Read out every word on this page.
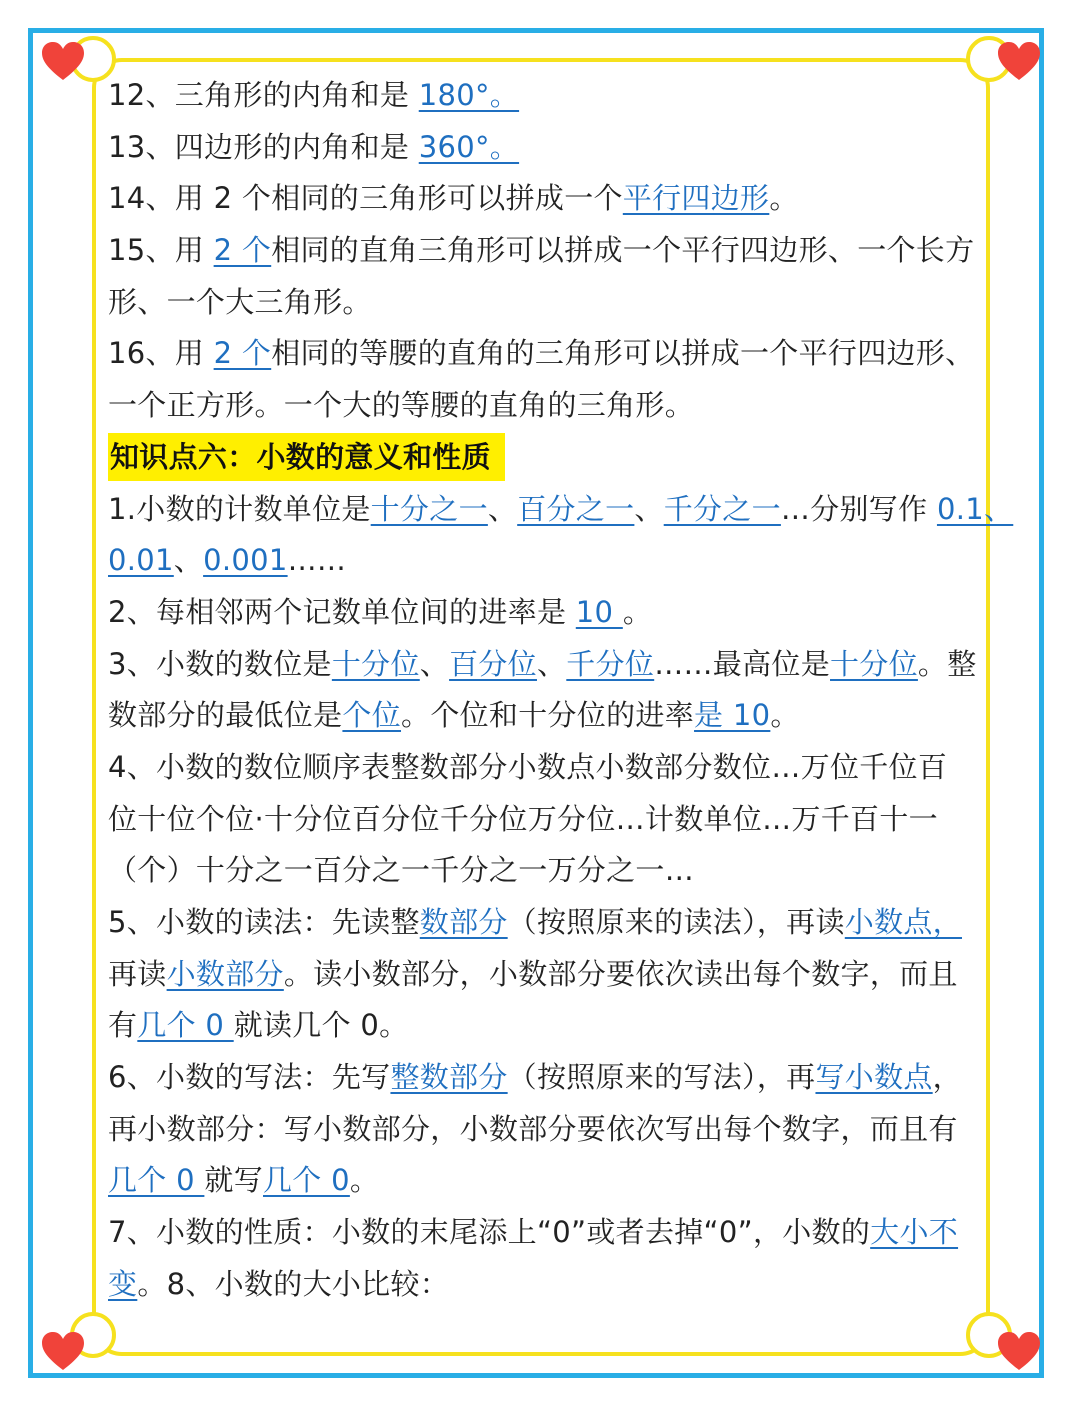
12、三角形的内角和是 180°。
13、四边形的内角和是 360°。
14、用 2 个相同的三角形可以拼成一个平行四边形。
15、用 2 个相同的直角三角形可以拼成一个平行四边形、一个长方
形、一个大三角形。
16、用 2 个相同的等腰的直角的三角形可以拼成一个平行四边形、
一个正方形。一个大的等腰的直角的三角形。
知识点六：小数的意义和性质
1.小数的计数单位是十分之一、百分之一、千分之一…分别写作 0.1、
0.01、0.001……
2、每相邻两个记数单位间的进率是 10 。
3、小数的数位是十分位、百分位、千分位……最高位是十分位。整
数部分的最低位是个位。个位和十分位的进率是 10。
4、小数的数位顺序表整数部分小数点小数部分数位…万位千位百
位十位个位·十分位百分位千分位万分位…计数单位…万千百十一
（个）十分之一百分之一千分之一万分之一…
5、小数的读法：先读整数部分（按照原来的读法），再读小数点，
再读小数部分。读小数部分，小数部分要依次读出每个数字，而且
有几个 0 就读几个 0。
6、小数的写法：先写整数部分（按照原来的写法），再写小数点，
再小数部分：写小数部分，小数部分要依次写出每个数字，而且有
几个 0 就写几个 0。
7、小数的性质：小数的末尾添上“0”或者去掉“0”，小数的大小不
变。8、小数的大小比较：
